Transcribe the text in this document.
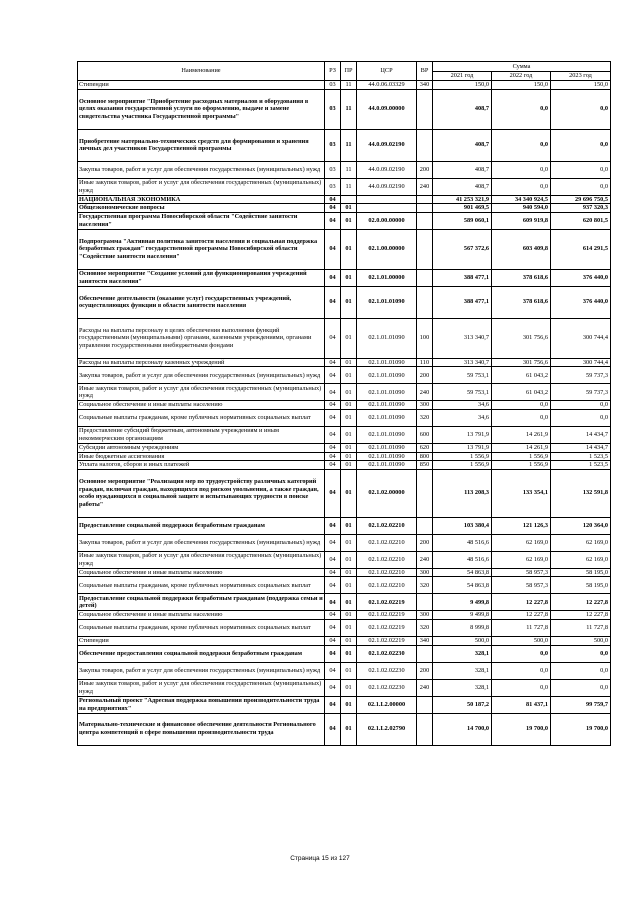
Наименование	РЗ	ПР	ЦСР	ВР	Сумма		
					2021 год	2022 год	2023 год
Стипендии	03	11	44.0.06.03329	340	150,0	150,0	150,0
Основное мероприятие "Приобретение расходных материалов и оборудования в целях оказания государственной услуги по оформлению, выдаче и замене свидетельства участника Государственной программы"	03	11	44.0.09.00000		408,7	0,0	0,0
Приобретение материально-технических средств для формирования и хранения личных дел участников Государственной программы	03	11	44.0.09.02190		408,7	0,0	0,0
Закупка товаров, работ и услуг для обеспечения государственных (муниципальных) нужд	03	11	44.0.09.02190	200	408,7	0,0	0,0
Иные закупки товаров, работ и услуг для обеспечения государственных (муниципальных) нужд	03	11	44.0.09.02190	240	408,7	0,0	0,0
НАЦИОНАЛЬНАЯ ЭКОНОМИКА	04				41 253 321,9	34 340 924,5	29 696 750,5
Общеэкономические вопросы	04	01			901 469,5	940 594,0	937 320,3
Государственная программа Новосибирской области "Содействие занятости населения"	04	01	02.0.00.00000		589 060,1	609 919,8	620 801,5
Подпрограмма "Активная политика занятости населения и социальная поддержка безработных граждан" государственной программы Новосибирской области "Содействие занятости населения"	04	01	02.1.00.00000		567 372,6	603 409,8	614 291,5
Основное мероприятие "Создание условий для функционирования учреждений занятости населения"	04	01	02.1.01.00000		388 477,1	378 618,6	376 440,0
Обеспечение деятельности (оказание услуг) государственных учреждений, осуществляющих функции в области занятости населения	04	01	02.1.01.01090		388 477,1	378 618,6	376 440,0
Расходы на выплаты персоналу в целях обеспечения выполнения функций государственными (муниципальными) органами, казенными учреждениями, органами управления государственными внебюджетными фондами	04	01	02.1.01.01090	100	313 340,7	301 756,6	300 744,4
Расходы на выплаты персоналу казенных учреждений	04	01	02.1.01.01090	110	313 340,7	301 756,6	300 744,4
Закупка товаров, работ и услуг для обеспечения государственных (муниципальных) нужд	04	01	02.1.01.01090	200	59 753,1	61 043,2	59 737,3
Иные закупки товаров, работ и услуг для обеспечения государственных (муниципальных) нужд	04	01	02.1.01.01090	240	59 753,1	61 043,2	59 737,3
Социальное обеспечение и иные выплаты населению	04	01	02.1.01.01090	300	34,6	0,0	0,0
Социальные выплаты гражданам, кроме публичных нормативных социальных выплат	04	01	02.1.01.01090	320	34,6	0,0	0,0
Предоставление субсидий бюджетным, автономным учреждениям и иным некоммерческим организациям	04	01	02.1.01.01090	600	13 791,9	14 261,9	14 434,7
Субсидии автономным учреждениям	04	01	02.1.01.01090	620	13 791,9	14 261,9	14 434,7
Иные бюджетные ассигнования	04	01	02.1.01.01090	800	1 556,9	1 556,9	1 523,5
Уплата налогов, сборов и иных платежей	04	01	02.1.01.01090	850	1 556,9	1 556,9	1 523,5
Основное мероприятие "Реализация мер по трудоустройству различных категорий граждан, включая граждан, находящихся под риском увольнения, а также граждан, особо нуждающихся в социальной защите и испытывающих трудности в поиске работы"	04	01	02.1.02.00000		113 208,3	133 354,1	132 591,8
Предоставление социальной поддержки безработным гражданам	04	01	02.1.02.02210		103 380,4	121 126,3	120 364,0
Закупка товаров, работ и услуг для обеспечения государственных (муниципальных) нужд	04	01	02.1.02.02210	200	48 516,6	62 169,0	62 169,0
Иные закупки товаров, работ и услуг для обеспечения государственных (муниципальных) нужд	04	01	02.1.02.02210	240	48 516,6	62 169,0	62 169,0
Социальное обеспечение и иные выплаты населению	04	01	02.1.02.02210	300	54 863,8	58 957,3	58 195,0
Социальные выплаты гражданам, кроме публичных нормативных социальных выплат	04	01	02.1.02.02210	320	54 863,8	58 957,3	58 195,0
Предоставление социальной поддержки безработным гражданам (поддержка семьи и детей)	04	01	02.1.02.02219		9 499,8	12 227,8	12 227,8
Социальное обеспечение и иные выплаты населению	04	01	02.1.02.02219	300	9 499,8	12 227,8	12 227,8
Социальные выплаты гражданам, кроме публичных нормативных социальных выплат	04	01	02.1.02.02219	320	8 999,8	11 727,8	11 727,8
Стипендии	04	01	02.1.02.02219	340	500,0	500,0	500,0
Обеспечение предоставления социальной поддержки безработным гражданам	04	01	02.1.02.02230		328,1	0,0	0,0
Закупка товаров, работ и услуг для обеспечения государственных (муниципальных) нужд	04	01	02.1.02.02230	200	328,1	0,0	0,0
Иные закупки товаров, работ и услуг для обеспечения государственных (муниципальных) нужд	04	01	02.1.02.02230	240	328,1	0,0	0,0
Региональный проект "Адресная поддержка повышения производительности труда на предприятиях"	04	01	02.1.L2.00000		50 187,2	81 437,1	99 759,7
Материально-технические и финансовое обеспечение деятельности Регионального центра компетенций в сфере повышения производительности труда	04	01	02.1.L2.02790		14 700,0	19 700,0	19 700,0
Страница 15 из 127
